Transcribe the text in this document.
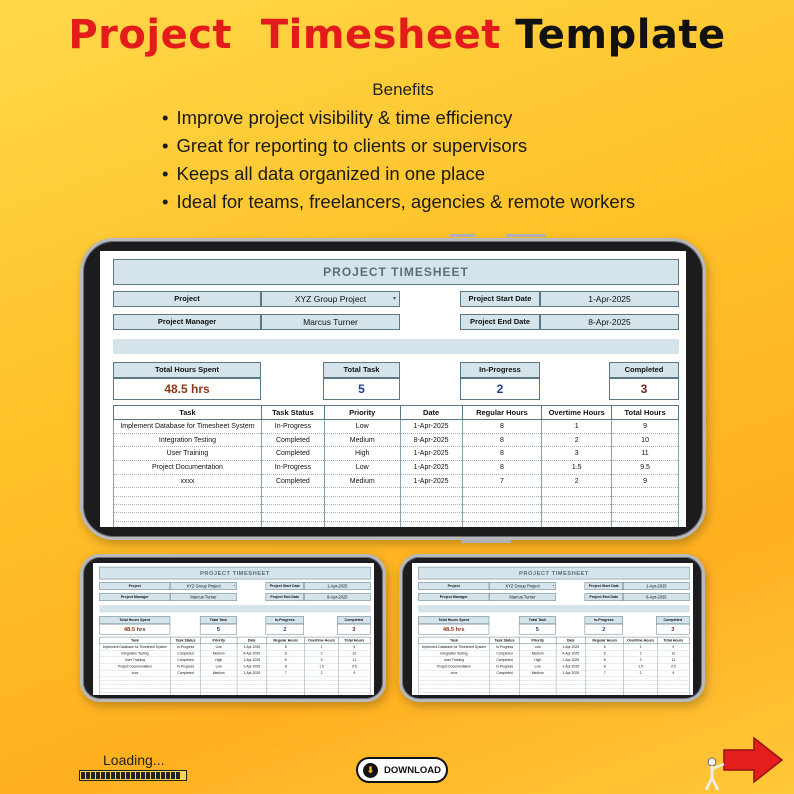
Project  Timesheet Template
Benefits
• Improve project visibility & time efficiency
• Great for reporting to clients or supervisors
• Keeps all data organized in one place
• Ideal for teams, freelancers, agencies & remote workers
PROJECT TIMESHEET
Project	XYZ Group Project	▾	Project Start Date	1-Apr-2025
Project Manager	Marcus Turner	Project End Date	8-Apr-2025
Total Hours Spent
48.5 hrs
Total Task
5
In-Progress
2
Completed
3
Task	Task Status	Priority	Date	Regular Hours	Overtime Hours	Total Hours
Implement Database for Timesheet System	In-Progress	Low	1-Apr-2025	8	1	9
Integration Testing	Completed	Medium	8-Apr-2025	8	2	10
User Training	Completed	High	1-Apr-2025	8	3	11
Project Documentation	In-Progress	Low	1-Apr-2025	8	1.5	9.5
xxxx	Completed	Medium	1-Apr-2025	7	2	9

PROJECT TIMESHEET
Project	XYZ Group Project ▾	Project Start Date	1-Apr-2025
Project Manager	Marcus Turner	Project End Date	8-Apr-2025
Total Hours Spent
48.5 hrs
Total Task
5
In-Progress
2
Completed
3
Task	Task Status	Priority	Date	Regular Hours	Overtime Hours	Total Hours
Implement Database for Timesheet System	In-Progress	Low	1-Apr-2025	8	1	9
Integration Testing	Completed	Medium	8-Apr-2025	8	2	10
User Training	Completed	High	1-Apr-2025	8	3	11
Project Documentation	In-Progress	Low	1-Apr-2025	8	1.5	9.5
xxxx	Completed	Medium	1-Apr-2025	7	2	9

PROJECT TIMESHEET
Project	XYZ Group Project ▾	Project Start Date	1-Apr-2025
Project Manager	Marcus Turner	Project End Date	8-Apr-2025
Total Hours Spent
48.5 hrs
Total Task
5
In-Progress
2
Completed
3
Task	Task Status	Priority	Date	Regular Hours	Overtime Hours	Total Hours
Implement Database for Timesheet System	In-Progress	Low	1-Apr-2025	8	1	9
Integration Testing	Completed	Medium	8-Apr-2025	8	2	10
User Training	Completed	High	1-Apr-2025	8	3	11
Project Documentation	In-Progress	Low	1-Apr-2025	8	1.5	9.5
xxxx	Completed	Medium	1-Apr-2025	7	2	9

Loading...
⬇	DOWNLOAD
